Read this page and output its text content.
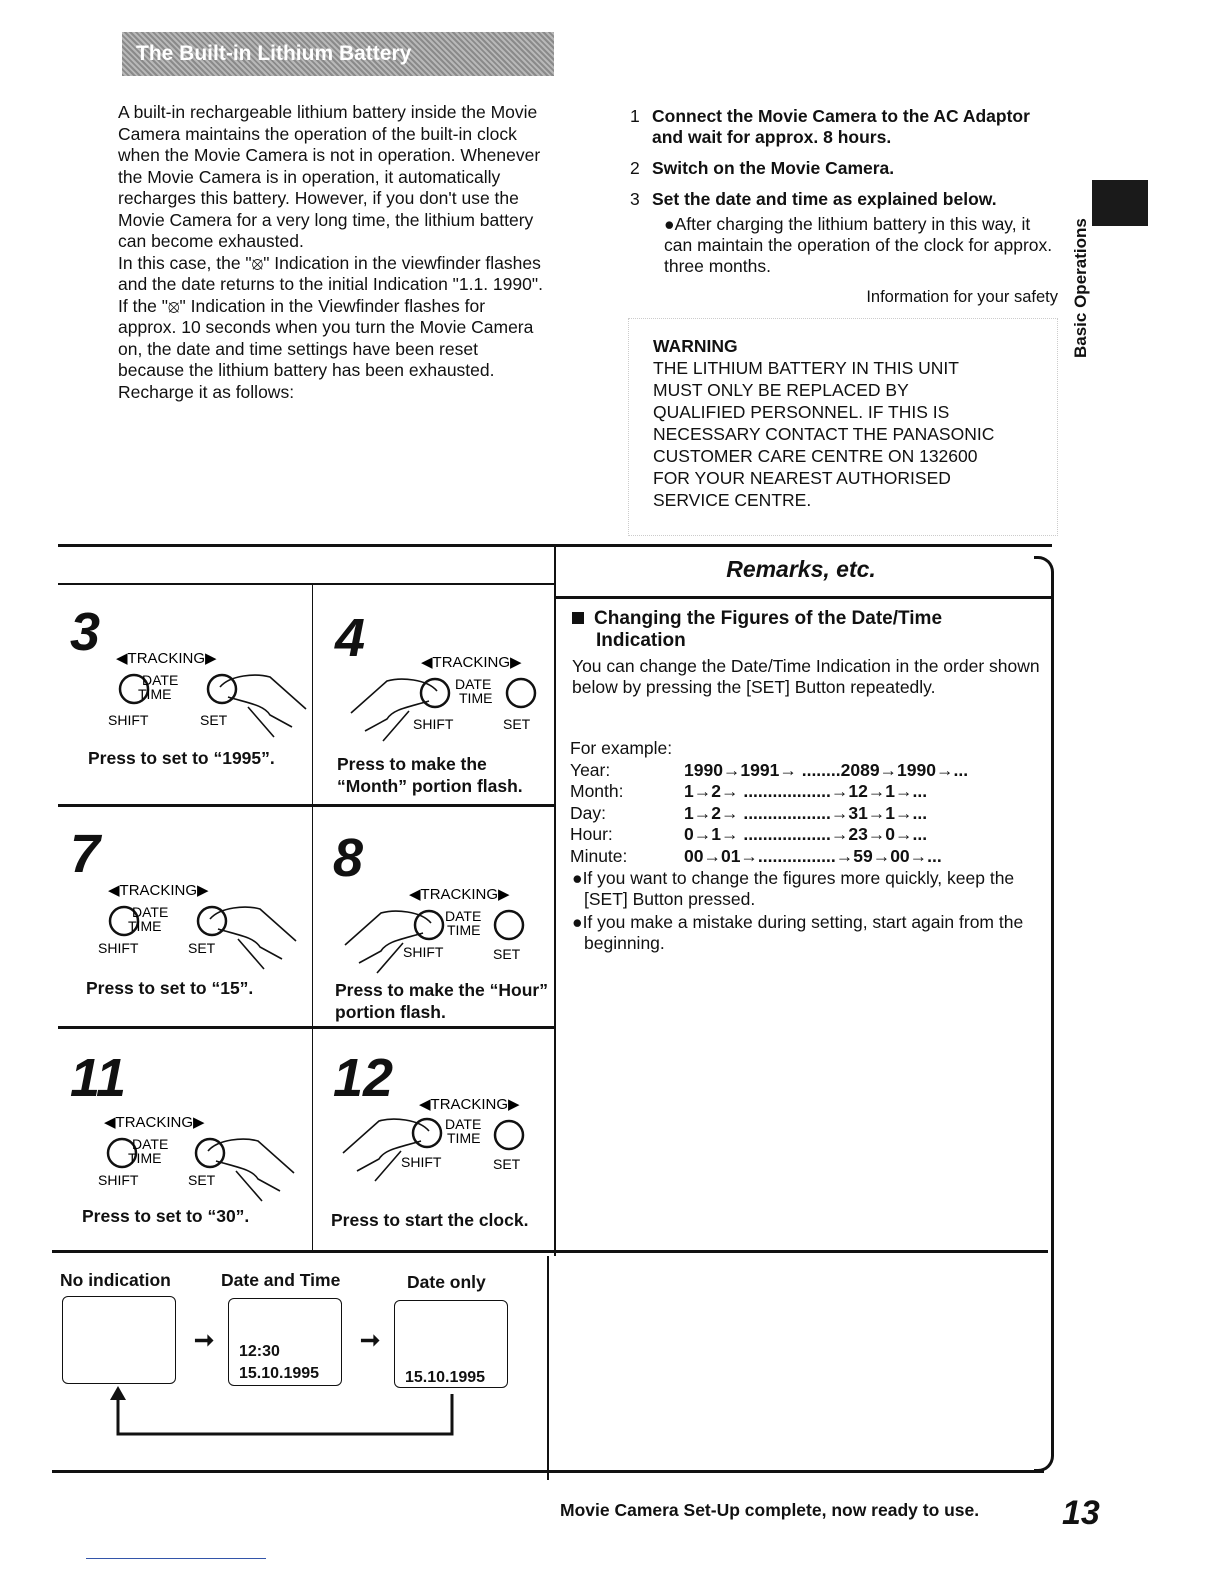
The Built-in Lithium Battery

A built-in rechargeable lithium battery inside the Movie Camera maintains the operation of the built-in clock when the Movie Camera is not in operation. Whenever the Movie Camera is in operation, it automatically recharges this battery. However, if you don't use the Movie Camera for a very long time, the lithium battery can become exhausted.

In this case, the "⦻" Indication in the viewfinder flashes and the date returns to the initial Indication "1.1. 1990".

If the "⦻" Indication in the Viewfinder flashes for approx. 10 seconds when you turn the Movie Camera on, the date and time settings have been reset because the lithium battery has been exhausted. Recharge it as follows:

1 Connect the Movie Camera to the AC Adaptor and wait for approx. 8 hours.
2 Switch on the Movie Camera.
3 Set the date and time as explained below.
●After charging the lithium battery in this way, it can maintain the operation of the clock for approx. three months.
Information for your safety
WARNING
THE LITHIUM BATTERY IN THIS UNIT
MUST ONLY BE REPLACED BY
QUALIFIED PERSONNEL. IF THIS IS
NECESSARY CONTACT THE PANASONIC
CUSTOMER CARE CENTRE ON 132600
FOR YOUR NEAREST AUTHORISED
SERVICE CENTRE.
Basic Operations
Remarks, etc.
Changing the Figures of the Date/Time
Indication

You can change the Date/Time Indication in the order shown below by pressing the [SET] Button repeatedly.

For example:	
Year:	1990→1991→ ........2089→1990→...
Month:	1→2→ ..................→12→1→...
Day:	1→2→ ..................→31→1→...
Hour:	0→1→ ..................→23→0→...
Minute:	00→01→................→59→00→...
●If you want to change the figures more quickly, keep the [SET] Button pressed.
●If you make a mistake during setting, start again from the beginning.
3 ◀TRACKING▶
DATE
TIME
SHIFT	SET
Press to set to “1995”.
4	◀TRACKING▶
DATE
TIME
SHIFT	SET
Press to make the “Month” portion flash.
7
◀TRACKING▶
DATE
TIME
SHIFT	SET
Press to set to “15”.
8
◀TRACKING▶
DATE
TIME
SHIFT	SET
Press to make the “Hour” portion flash.
11
◀TRACKING▶
DATE
TIME
SHIFT	SET
Press to set to “30”.
12 ◀TRACKING▶
DATE
TIME
SHIFT	SET
Press to start the clock.
No indication	Date and Time	Date only
➞ 12:30
15.10.1995
➞
15.10.1995
Movie Camera Set-Up complete, now ready to use. 13
